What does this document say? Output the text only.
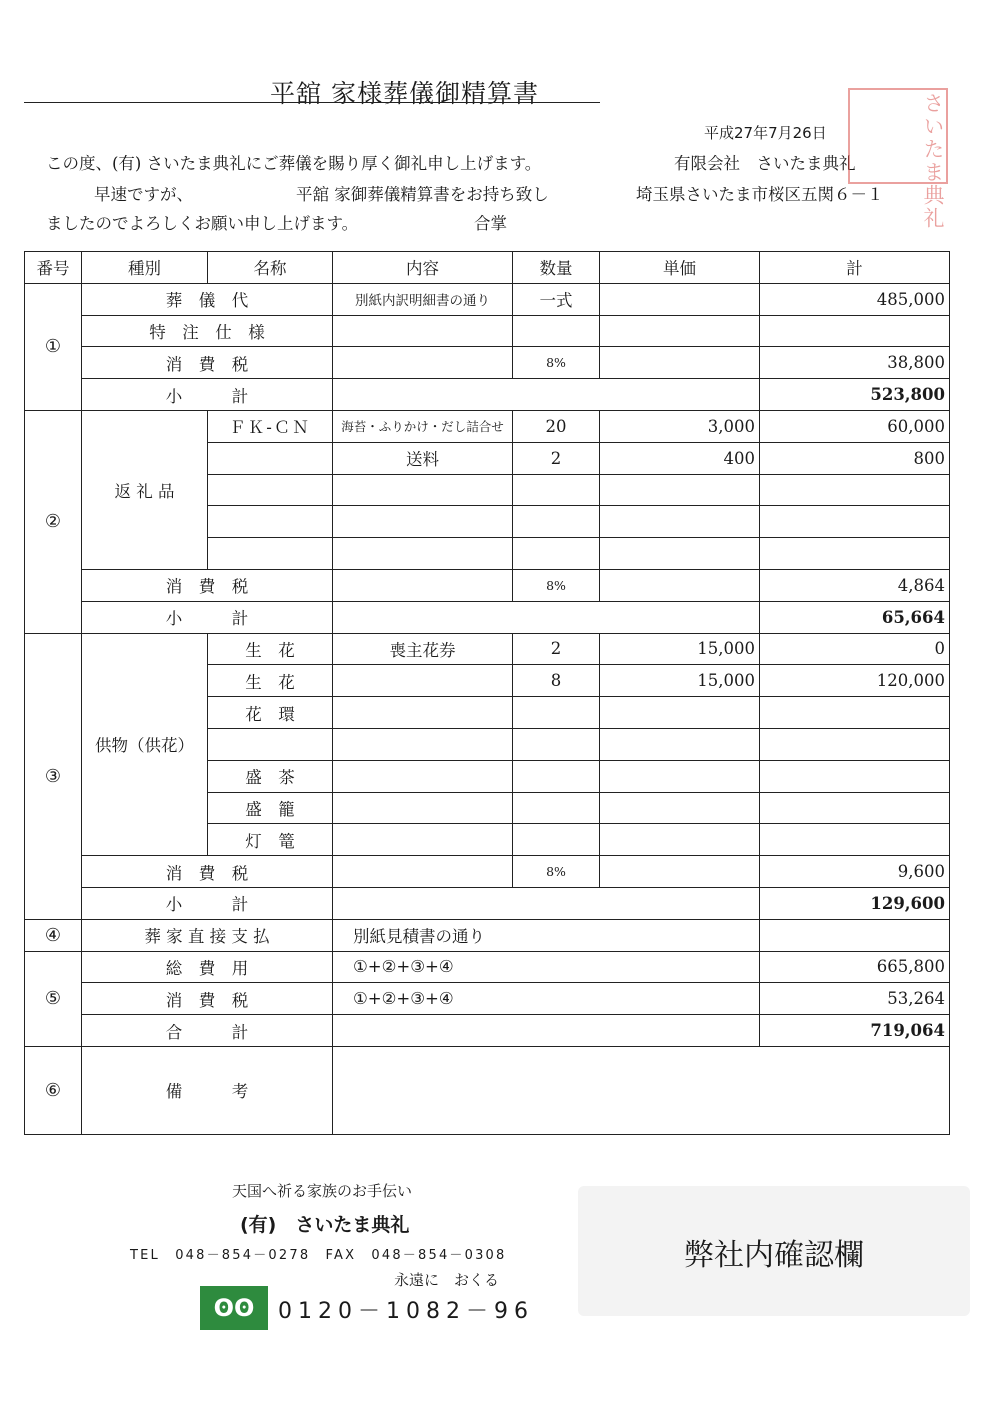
平舘 家様葬儀御精算書
平成27年7月26日
この度、(有) さいたま典礼にご葬儀を賜り厚く御礼申し上げます。
早速ですが、	平舘 家御葬儀精算書をお持ち致し
ましたのでよろしくお願い申し上げます。	合掌
有限会社　さいたま典礼
埼玉県さいたま市桜区五関６－１	さいたま典礼
番号	種別	名称	内容	数量	単価	計
①	葬　儀　代		別紙内訳明細書の通り	一式		485,000
	特　注　仕　様					
	消　費　税			8%		38,800
	小　　　計					523,800
②	返 礼 品	ＦＫ-ＣＮ	海苔・ふりかけ・だし詰合せ	20	3,000	60,000
			送料	2	400	800

	消　費　税			8%		4,864
	小　　　計					65,664
③	供物（供花）	生　花	喪主花券	2	15,000	0
		生　花		8	15,000	120,000
		花　環				

		盛　茶				
		盛　籠				
		灯　篭				
	消　費　税			8%		9,600
	小　　　計					129,600
④	葬 家 直 接 支 払		別紙見積書の通り			
⑤	総　費　用		①+②+③+④			665,800
	消　費　税		①+②+③+④			53,264
	合　　　計					719,064
⑥	備　　　考					
天国へ祈る家族のお手伝い
(有)　さいたま典礼
TEL　048－854－0278　FAX　048－854－0308
永遠に　おくる
ʘʘ	0120－1082－96
弊社内確認欄
